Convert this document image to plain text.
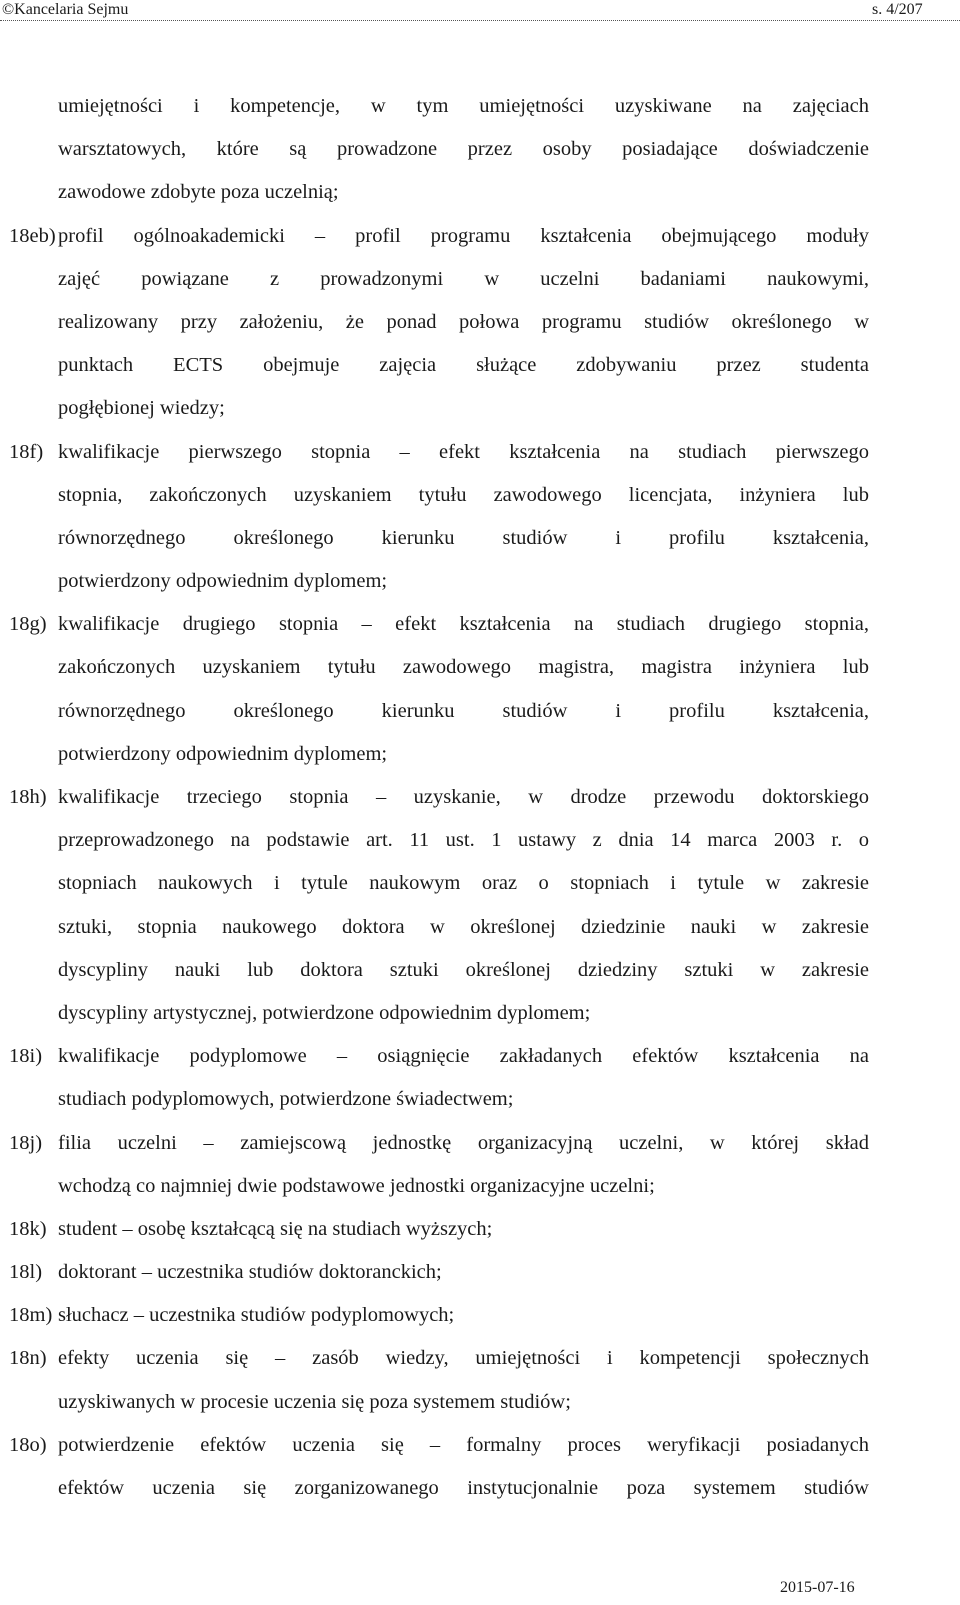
©Kancelaria Sejmu	s. 4/207
umiejętności i kompetencje, w tym umiejętności uzyskiwane na zajęciach
warsztatowych, które są prowadzone przez osoby posiadające doświadczenie
zawodowe zdobyte poza uczelnią;
18eb) profil ogólnoakademicki – profil programu kształcenia obejmującego moduły
zajęć powiązane z prowadzonymi w uczelni badaniami naukowymi,
realizowany przy założeniu, że ponad połowa programu studiów określonego w
punktach ECTS obejmuje zajęcia służące zdobywaniu przez studenta
pogłębionej wiedzy;
18f) kwalifikacje pierwszego stopnia – efekt kształcenia na studiach pierwszego
stopnia, zakończonych uzyskaniem tytułu zawodowego licencjata, inżyniera lub
równorzędnego określonego kierunku studiów i profilu kształcenia,
potwierdzony odpowiednim dyplomem;
18g) kwalifikacje drugiego stopnia – efekt kształcenia na studiach drugiego stopnia,
zakończonych uzyskaniem tytułu zawodowego magistra, magistra inżyniera lub
równorzędnego określonego kierunku studiów i profilu kształcenia,
potwierdzony odpowiednim dyplomem;
18h) kwalifikacje trzeciego stopnia – uzyskanie, w drodze przewodu doktorskiego
przeprowadzonego na podstawie art. 11 ust. 1 ustawy z dnia 14 marca 2003 r. o
stopniach naukowych i tytule naukowym oraz o stopniach i tytule w zakresie
sztuki, stopnia naukowego doktora w określonej dziedzinie nauki w zakresie
dyscypliny nauki lub doktora sztuki określonej dziedziny sztuki w zakresie
dyscypliny artystycznej, potwierdzone odpowiednim dyplomem;
18i) kwalifikacje podyplomowe – osiągnięcie zakładanych efektów kształcenia na
studiach podyplomowych, potwierdzone świadectwem;
18j) filia uczelni – zamiejscową jednostkę organizacyjną uczelni, w której skład
wchodzą co najmniej dwie podstawowe jednostki organizacyjne uczelni;
18k) student – osobę kształcącą się na studiach wyższych;
18l) doktorant – uczestnika studiów doktoranckich;
18m) słuchacz – uczestnika studiów podyplomowych;
18n) efekty uczenia się – zasób wiedzy, umiejętności i kompetencji społecznych
uzyskiwanych w procesie uczenia się poza systemem studiów;
18o) potwierdzenie efektów uczenia się – formalny proces weryfikacji posiadanych
efektów uczenia się zorganizowanego instytucjonalnie poza systemem studiów
2015-07-16
